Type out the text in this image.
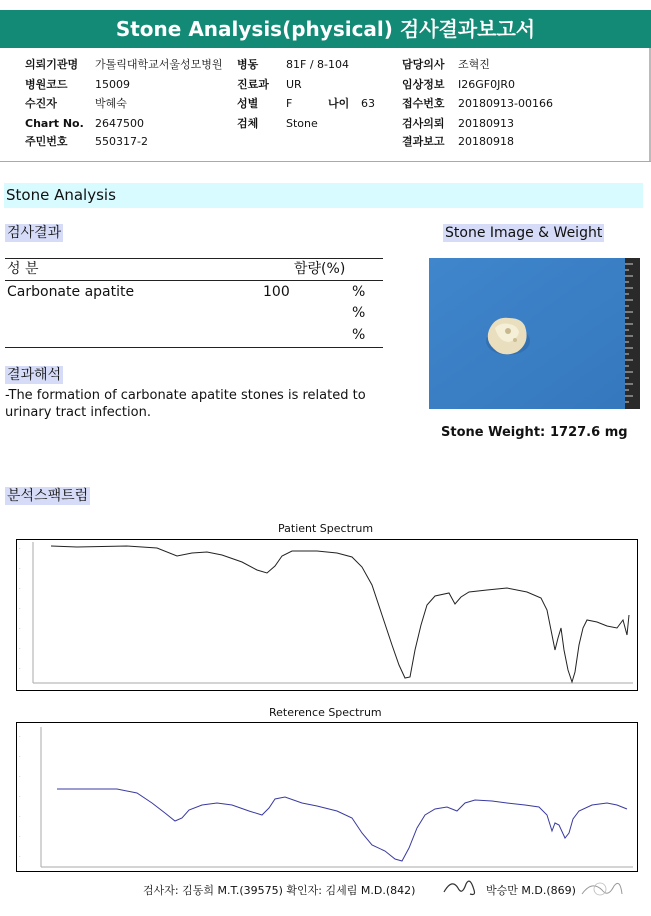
Stone Analysis(physical) 검사결과보고서
의뢰기관명 가톨릭대학교서울성모병원 병동	81F / 8-104	담당의사 조혁진
병원코드 15009	진료과 UR	임상정보 I26GF0JR0
수진자	박혜숙	성별	F	나이 63 접수번호 20180913-00166
Chart No. 2647500	검체	Stone	검사의뢰 20180913
주민번호 550317-2	결과보고 20180918
Stone Analysis
검사결과	Stone Image & Weight
성 분	함량(%)
Carbonate apatite	100	%
%
%
Stone Weight: 1727.6 mg
결과해석
-The formation of carbonate apatite stones is related to
urinary tract infection.
분석스팩트럼
Patient Spectrum
-
-
-
-
-
-
-
Reterence Spectrum
-
-
-
-
-
-
-
검사자: 김동희 M.T.(39575) 확인자: 김세림 M.D.(842)	박승만 M.D.(869)
